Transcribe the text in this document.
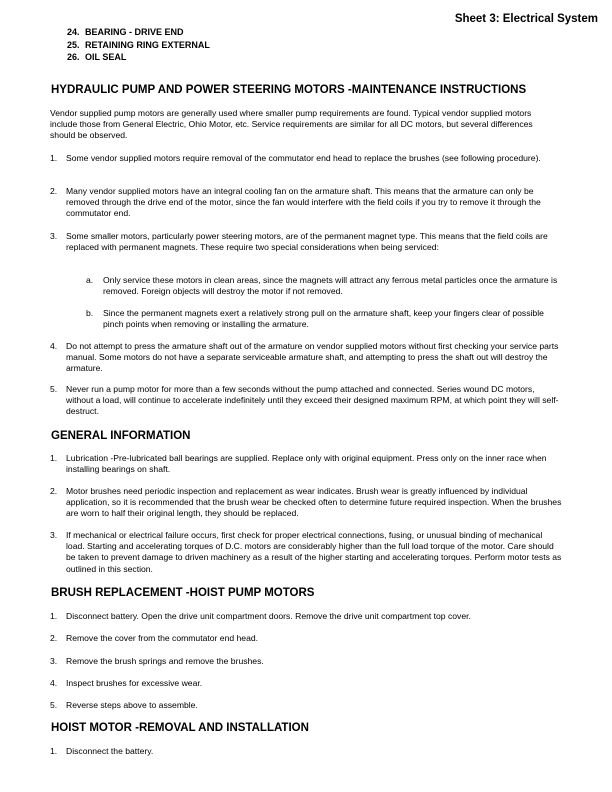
Sheet 3: Electrical System
24. BEARING - DRIVE END
25. RETAINING RING EXTERNAL
26. OIL SEAL
HYDRAULIC PUMP AND POWER STEERING MOTORS -MAINTENANCE INSTRUCTIONS
Vendor supplied pump motors are generally used where smaller pump requirements are found. Typical vendor supplied motors include those from General Electric, Ohio Motor, etc. Service requirements are similar for all DC motors, but several differences should be observed.
1. Some vendor supplied motors require removal of the commutator end head to replace the brushes (see following procedure).
2. Many vendor supplied motors have an integral cooling fan on the armature shaft. This means that the armature can only be removed through the drive end of the motor, since the fan would interfere with the field coils if you try to remove it through the commutator end.
3. Some smaller motors, particularly power steering motors, are of the permanent magnet type. This means that the field coils are replaced with permanent magnets. These require two special considerations when being serviced:
a. Only service these motors in clean areas, since the magnets will attract any ferrous metal particles once the armature is removed. Foreign objects will destroy the motor if not removed.
b. Since the permanent magnets exert a relatively strong pull on the armature shaft, keep your fingers clear of possible pinch points when removing or installing the armature.
4. Do not attempt to press the armature shaft out of the armature on vendor supplied motors without first checking your service parts manual. Some motors do not have a separate serviceable armature shaft, and attempting to press the shaft out will destroy the armature.
5. Never run a pump motor for more than a few seconds without the pump attached and connected. Series wound DC motors, without a load, will continue to accelerate indefinitely until they exceed their designed maximum RPM, at which point they will self-destruct.
GENERAL INFORMATION
1. Lubrication -Pre-lubricated ball bearings are supplied. Replace only with original equipment. Press only on the inner race when installing bearings on shaft.
2. Motor brushes need periodic inspection and replacement as wear indicates. Brush wear is greatly influenced by individual application, so it is recommended that the brush wear be checked often to determine future required inspection. When the brushes are worn to half their original length, they should be replaced.
3. If mechanical or electrical failure occurs, first check for proper electrical connections, fusing, or unusual binding of mechanical load. Starting and accelerating torques of D.C. motors are considerably higher than the full load torque of the motor. Care should be taken to prevent damage to driven machinery as a result of the higher starting and accelerating torques. Perform motor tests as outlined in this section.
BRUSH REPLACEMENT -HOIST PUMP MOTORS
1. Disconnect battery. Open the drive unit compartment doors. Remove the drive unit compartment top cover.
2. Remove the cover from the commutator end head.
3. Remove the brush springs and remove the brushes.
4. Inspect brushes for excessive wear.
5. Reverse steps above to assemble.
HOIST MOTOR -REMOVAL AND INSTALLATION
1. Disconnect the battery.
